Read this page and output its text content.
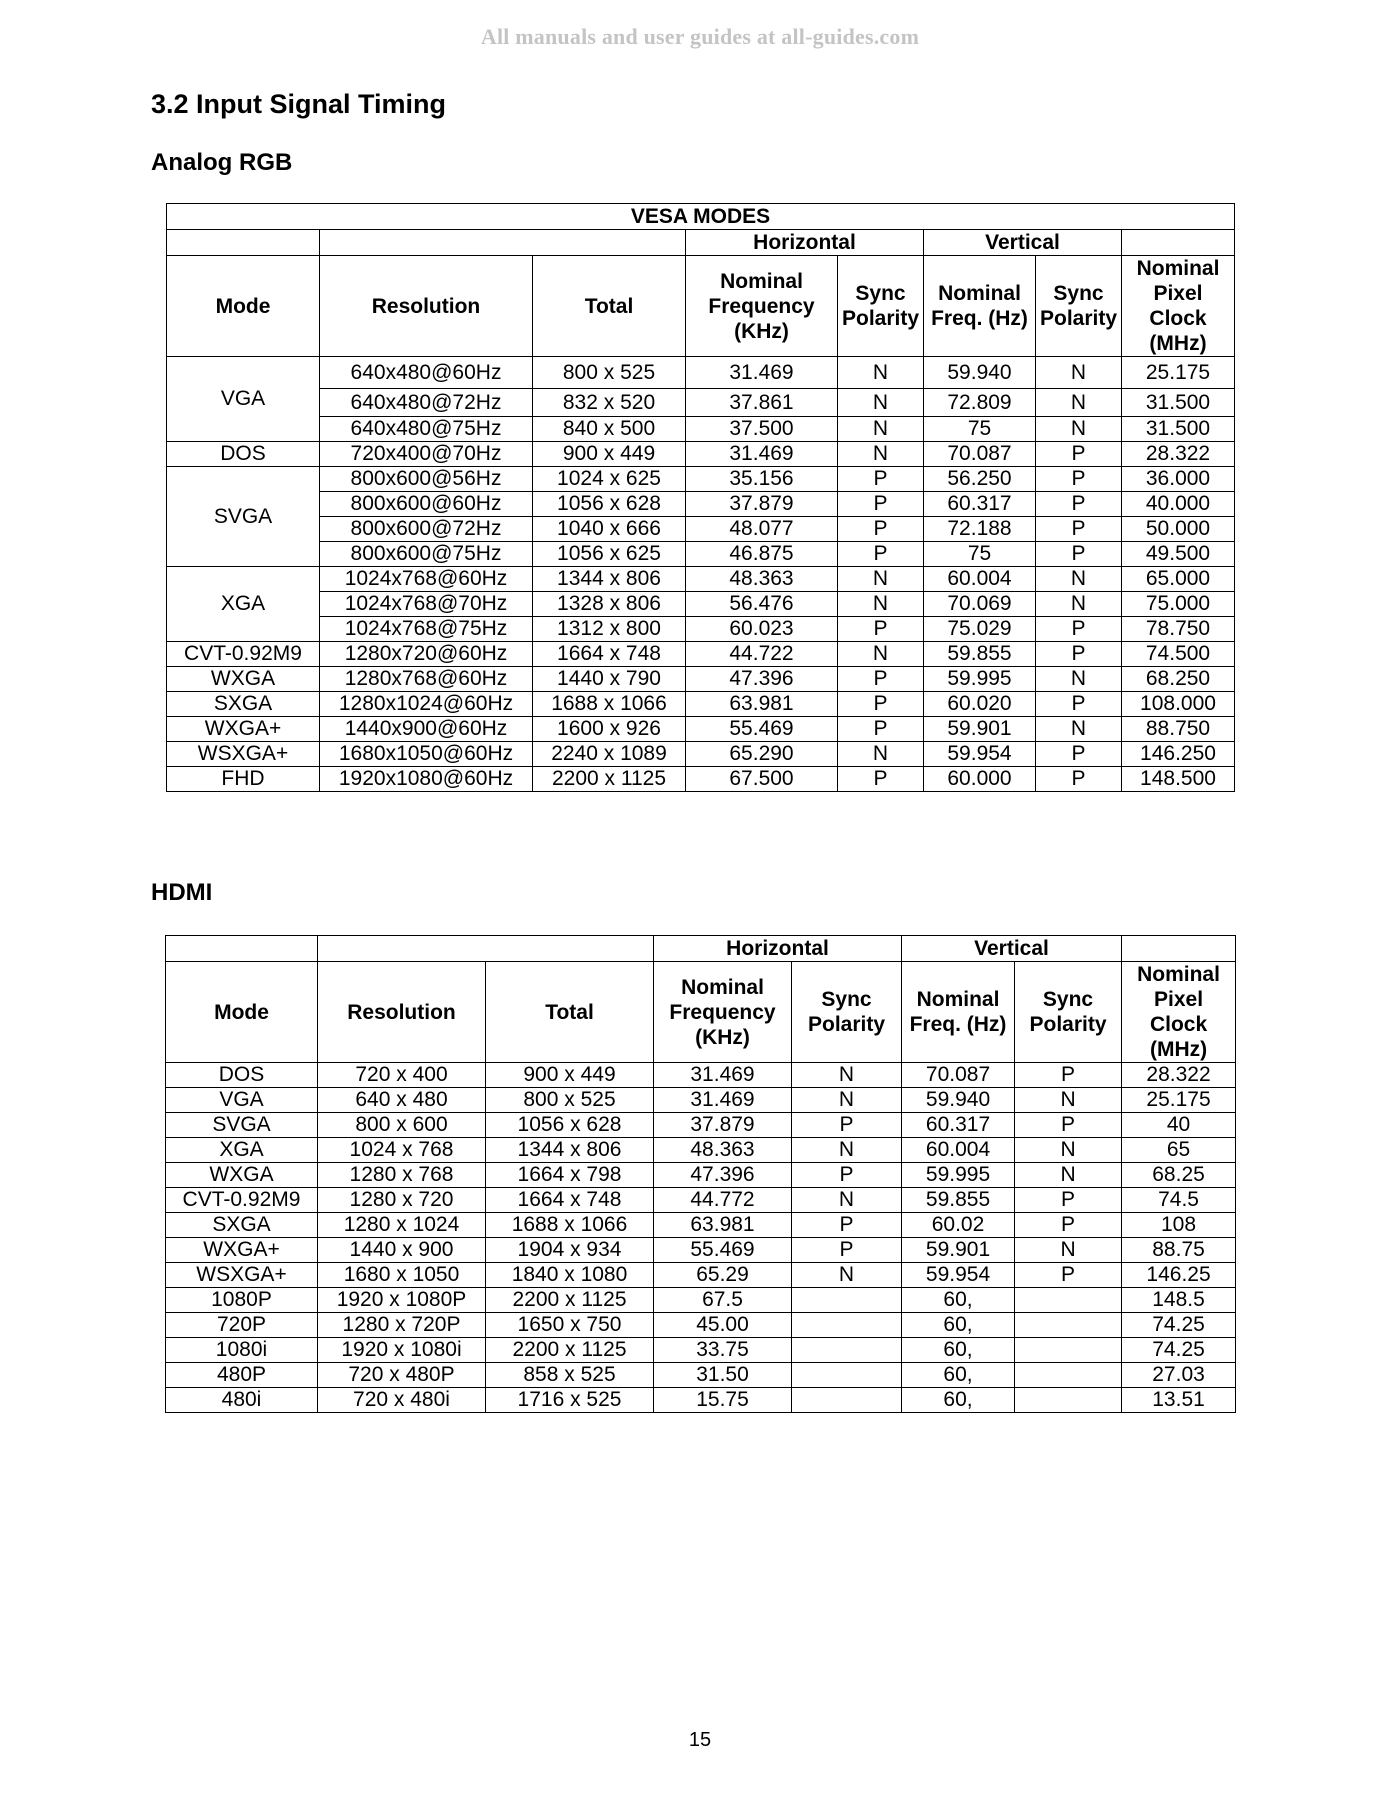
All manuals and user guides at all-guides.com
3.2 Input Signal Timing
Analog RGB
VESA MODES							
			Horizontal		Vertical		
Mode	Resolution	Total	Nominal Frequency (KHz)	Sync Polarity	Nominal Freq. (Hz)	Sync Polarity	Nominal Pixel Clock (MHz)
VGA	640x480@60Hz	800 x 525	31.469	N	59.940	N	25.175
	640x480@72Hz	832 x 520	37.861	N	72.809	N	31.500
	640x480@75Hz	840 x 500	37.500	N	75	N	31.500
DOS	720x400@70Hz	900 x 449	31.469	N	70.087	P	28.322
SVGA	800x600@56Hz	1024 x 625	35.156	P	56.250	P	36.000
	800x600@60Hz	1056 x 628	37.879	P	60.317	P	40.000
	800x600@72Hz	1040 x 666	48.077	P	72.188	P	50.000
	800x600@75Hz	1056 x 625	46.875	P	75	P	49.500
XGA	1024x768@60Hz	1344 x 806	48.363	N	60.004	N	65.000
	1024x768@70Hz	1328 x 806	56.476	N	70.069	N	75.000
	1024x768@75Hz	1312 x 800	60.023	P	75.029	P	78.750
CVT-0.92M9	1280x720@60Hz	1664 x 748	44.722	N	59.855	P	74.500
WXGA	1280x768@60Hz	1440 x 790	47.396	P	59.995	N	68.250
SXGA	1280x1024@60Hz	1688 x 1066	63.981	P	60.020	P	108.000
WXGA+	1440x900@60Hz	1600 x 926	55.469	P	59.901	N	88.750
WSXGA+	1680x1050@60Hz	2240 x 1089	65.290	N	59.954	P	146.250
FHD	1920x1080@60Hz	2200 x 1125	67.500	P	60.000	P	148.500
HDMI
			Horizontal		Vertical		
Mode	Resolution	Total	Nominal Frequency (KHz)	Sync Polarity	Nominal Freq. (Hz)	Sync Polarity	Nominal Pixel Clock (MHz)
DOS	720 x 400	900 x 449	31.469	N	70.087	P	28.322
VGA	640 x 480	800 x 525	31.469	N	59.940	N	25.175
SVGA	800 x 600	1056 x 628	37.879	P	60.317	P	40
XGA	1024 x 768	1344 x 806	48.363	N	60.004	N	65
WXGA	1280 x 768	1664 x 798	47.396	P	59.995	N	68.25
CVT-0.92M9	1280 x 720	1664 x 748	44.772	N	59.855	P	74.5
SXGA	1280 x 1024	1688 x 1066	63.981	P	60.02	P	108
WXGA+	1440 x 900	1904 x 934	55.469	P	59.901	N	88.75
WSXGA+	1680 x 1050	1840 x 1080	65.29	N	59.954	P	146.25
1080P	1920 x 1080P	2200 x 1125	67.5		60,		148.5
720P	1280 x 720P	1650 x 750	45.00		60,		74.25
1080i	1920 x 1080i	2200 x 1125	33.75		60,		74.25
480P	720 x 480P	858 x 525	31.50		60,		27.03
480i	720 x 480i	1716 x 525	15.75		60,		13.51
15
